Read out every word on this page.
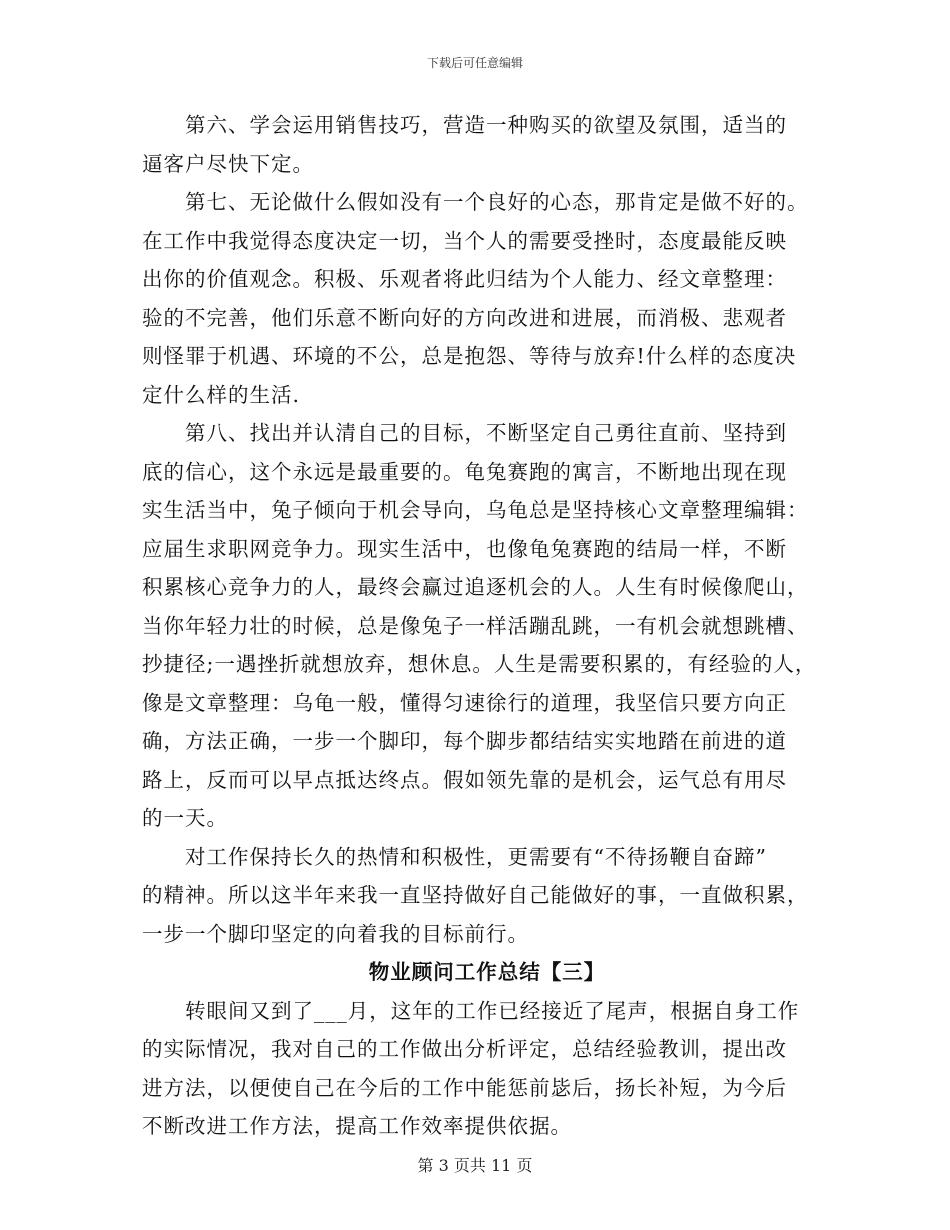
下载后可任意编辑

第六、学会运用销售技巧，营造一种购买的欲望及氛围，适当的
逼客户尽快下定。

第七、无论做什么假如没有一个良好的心态，那肯定是做不好的。
在工作中我觉得态度决定一切，当个人的需要受挫时，态度最能反映
出你的价值观念。积极、乐观者将此归结为个人能力、经文章整理：
验的不完善，他们乐意不断向好的方向改进和进展，而消极、悲观者
则怪罪于机遇、环境的不公，总是抱怨、等待与放弃!什么样的态度决
定什么样的生活.

第八、找出并认清自己的目标，不断坚定自己勇往直前、坚持到
底的信心，这个永远是最重要的。龟兔赛跑的寓言，不断地出现在现
实生活当中，兔子倾向于机会导向，乌龟总是坚持核心文章整理编辑：
应届生求职网竞争力。现实生活中，也像龟兔赛跑的结局一样，不断
积累核心竞争力的人，最终会赢过追逐机会的人。人生有时候像爬山，
当你年轻力壮的时候，总是像兔子一样活蹦乱跳，一有机会就想跳槽、
抄捷径;一遇挫折就想放弃，想休息。人生是需要积累的，有经验的人，
像是文章整理：乌龟一般，懂得匀速徐行的道理，我坚信只要方向正
确，方法正确，一步一个脚印，每个脚步都结结实实地踏在前进的道
路上，反而可以早点抵达终点。假如领先靠的是机会，运气总有用尽
的一天。

对工作保持长久的热情和积极性，更需要有“不待扬鞭自奋蹄”
的精神。所以这半年来我一直坚持做好自己能做好的事，一直做积累，
一步一个脚印坚定的向着我的目标前行。

物业顾问工作总结【三】

转眼间又到了___月，这年的工作已经接近了尾声，根据自身工作
的实际情况，我对自己的工作做出分析评定，总结经验教训，提出改
进方法，以便使自己在今后的工作中能惩前毖后，扬长补短，为今后
不断改进工作方法，提高工作效率提供依据。

第 3 页共 11 页
